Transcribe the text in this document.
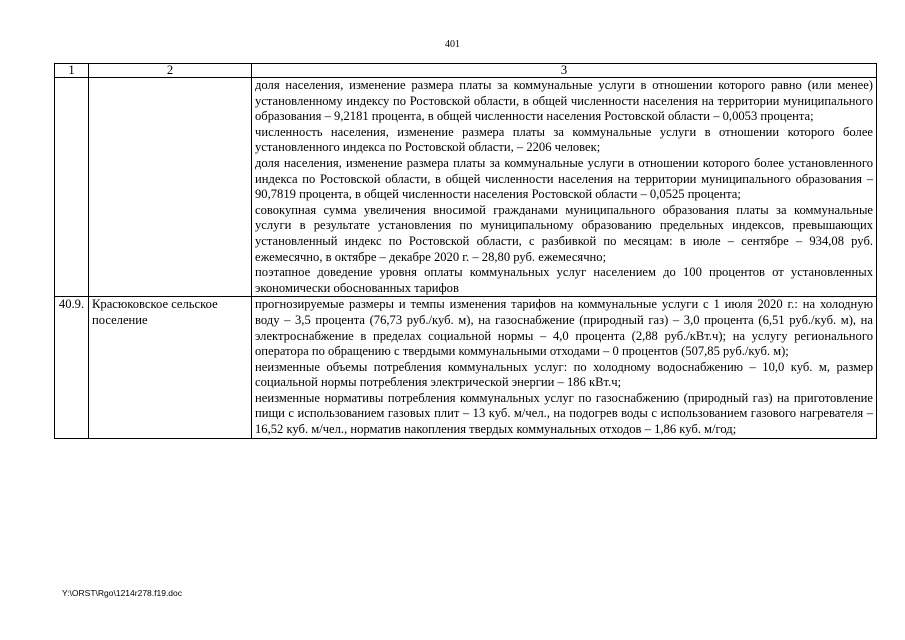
401
1	2	3

		доля населения, изменение размера платы за коммунальные услуги в отношении которого равно (или менее) установленному индексу по Ростовской области, в общей численности населения на территории муниципального образования – 9,2181 процента, в общей численности населения Ростовской области – 0,0053 процента;

численность населения, изменение размера платы за коммунальные услуги в отношении которого более установленного индекса по Ростовской области, – 2206 человек;

доля населения, изменение размера платы за коммунальные услуги в отношении которого более установленного индекса по Ростовской области, в общей численности населения на территории муниципального образования – 90,7819 процента, в общей численности населения Ростовской области – 0,0525 процента;

совокупная сумма увеличения вносимой гражданами муниципального образования платы за коммунальные услуги в результате установления по муниципальному образованию предельных индексов, превышающих установленный индекс по Ростовской области, с разбивкой по месяцам: в июле – сентябре – 934,08 руб. ежемесячно, в октябре – декабре 2020 г. – 28,80 руб. ежемесячно;

поэтапное доведение уровня оплаты коммунальных услуг населением до 100 процентов от установленных экономически обоснованных тарифов

40.9.	Красюковское сельское поселение	прогнозируемые размеры и темпы изменения тарифов на коммунальные услуги с 1 июля 2020 г.: на холодную воду – 3,5 процента (76,73 руб./куб. м), на газоснабжение (природный газ) – 3,0 процента (6,51 руб./куб. м), на электроснабжение в пределах социальной нормы – 4,0 процента (2,88 руб./кВт.ч); на услугу регионального оператора по обращению с твердыми коммунальными отходами – 0 процентов (507,85 руб./куб. м);

неизменные объемы потребления коммунальных услуг: по холодному водоснабжению – 10,0 куб. м, размер социальной нормы потребления электрической энергии – 186 кВт.ч;

неизменные нормативы потребления коммунальных услуг по газоснабжению (природный газ) на приготовление пищи с использованием газовых плит – 13 куб. м/чел., на подогрев воды с использованием газового нагревателя – 16,52 куб. м/чел., норматив накопления твердых коммунальных отходов – 1,86 куб. м/год;

Y:\ORST\Rgo\1214r278.f19.doc
